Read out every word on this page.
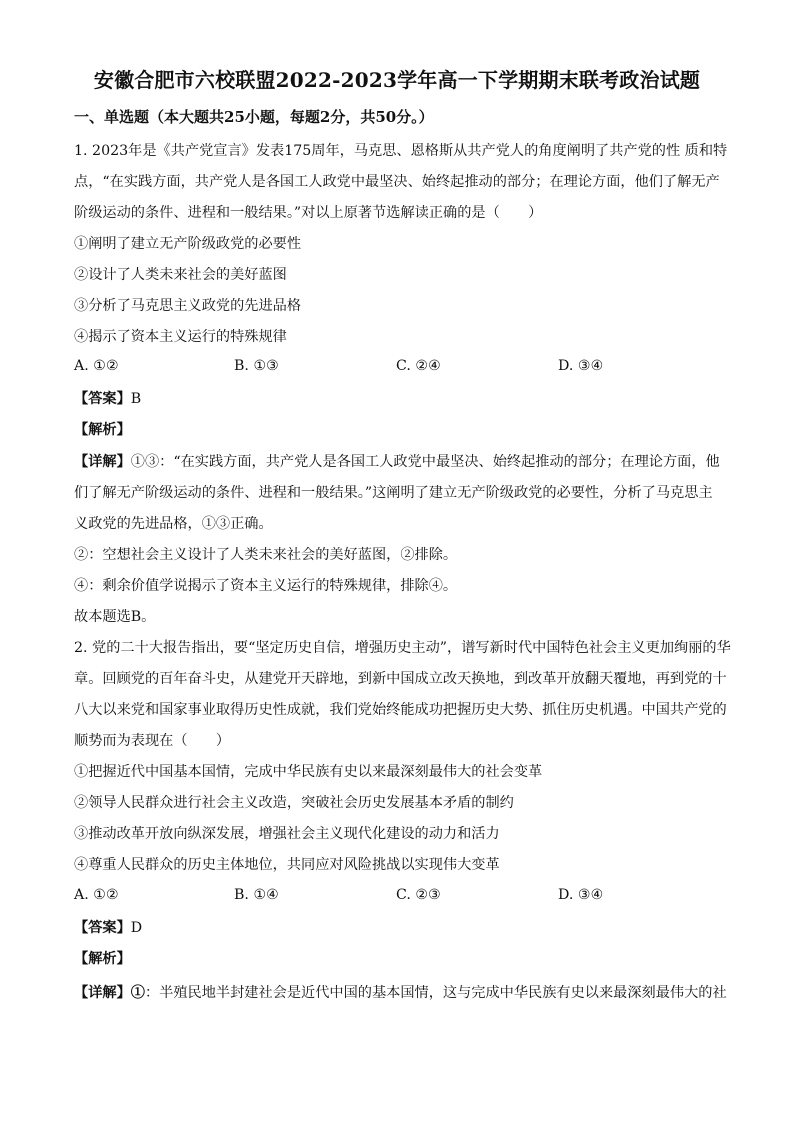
安徽合肥市六校联盟2022-2023学年高一下学期期末联考政治试题
一、单选题（本大题共25小题，每题2分，共50分。）
1. 2023年是《共产党宣言》发表175周年，马克思、恩格斯从共产党人的角度阐明了共产党的性 质和特
点，“在实践方面，共产党人是各国工人政党中最坚决、始终起推动的部分；在理论方面，他们了解无产
阶级运动的条件、进程和一般结果。”对以上原著节选解读正确的是（　　）
①阐明了建立无产阶级政党的必要性
②设计了人类未来社会的美好蓝图
③分析了马克思主义政党的先进品格
④揭示了资本主义运行的特殊规律
A. ①②	B. ①③	C. ②④	D. ③④
【答案】B
【解析】
【详解】①③：“在实践方面，共产党人是各国工人政党中最坚决、始终起推动的部分；在理论方面，他
们了解无产阶级运动的条件、进程和一般结果。”这阐明了建立无产阶级政党的必要性，分析了马克思主
义政党的先进品格，①③正确。
②：空想社会主义设计了人类未来社会的美好蓝图，②排除。
④：剩余价值学说揭示了资本主义运行的特殊规律，排除④。
故本题选B。
2. 党的二十大报告指出，要“坚定历史自信，增强历史主动”，谱写新时代中国特色社会主义更加绚丽的华
章。回顾党的百年奋斗史，从建党开天辟地，到新中国成立改天换地，到改革开放翻天覆地，再到党的十
八大以来党和国家事业取得历史性成就，我们党始终能成功把握历史大势、抓住历史机遇。中国共产党的
顺势而为表现在（　　）
①把握近代中国基本国情，完成中华民族有史以来最深刻最伟大的社会变革
②领导人民群众进行社会主义改造，突破社会历史发展基本矛盾的制约
③推动改革开放向纵深发展，增强社会主义现代化建设的动力和活力
④尊重人民群众的历史主体地位，共同应对风险挑战以实现伟大变革
A. ①②	B. ①④	C. ②③	D. ③④
【答案】D
【解析】
【详解】①：半殖民地半封建社会是近代中国的基本国情，这与完成中华民族有史以来最深刻最伟大的社
